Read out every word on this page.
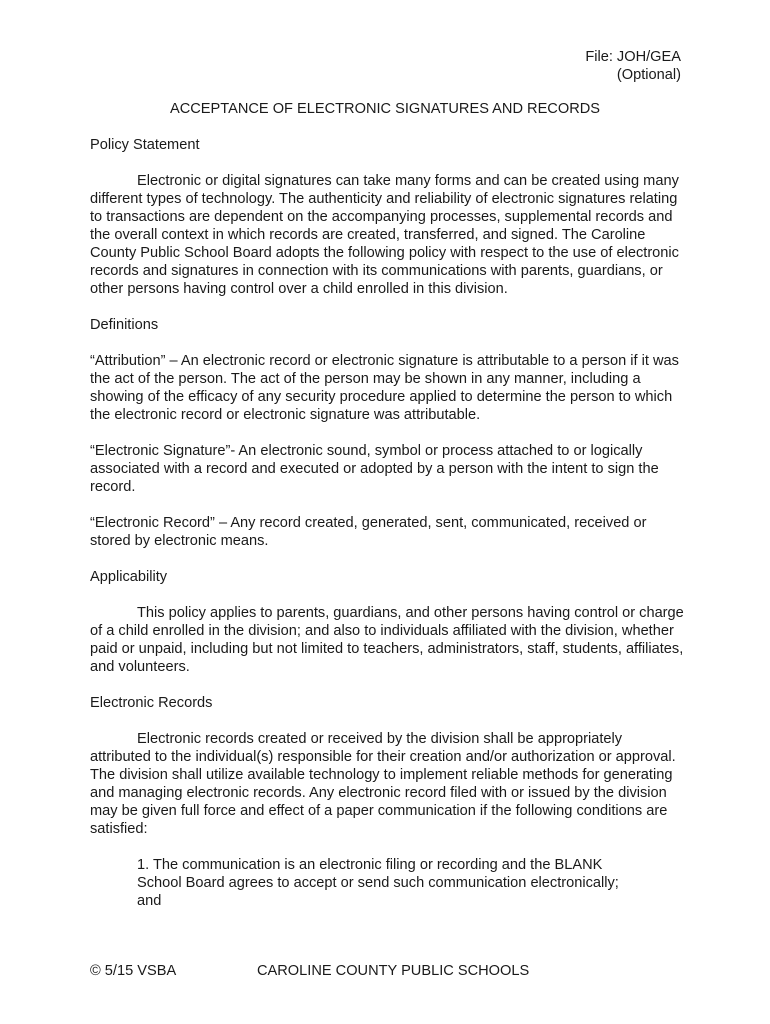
File: JOH/GEA
(Optional)
ACCEPTANCE OF ELECTRONIC SIGNATURES AND RECORDS
Policy Statement
Electronic or digital signatures can take many forms and can be created using many different types of technology. The authenticity and reliability of electronic signatures relating to transactions are dependent on the accompanying processes, supplemental records and the overall context in which records are created, transferred, and signed. The Caroline County Public School Board adopts the following policy with respect to the use of electronic records and signatures in connection with its communications with parents, guardians, or other persons having control over a child enrolled in this division.
Definitions
“Attribution” – An electronic record or electronic signature is attributable to a person if it was the act of the person. The act of the person may be shown in any manner, including a showing of the efficacy of any security procedure applied to determine the person to which the electronic record or electronic signature was attributable.
“Electronic Signature”- An electronic sound, symbol or process attached to or logically associated with a record and executed or adopted by a person with the intent to sign the record.
“Electronic Record” – Any record created, generated, sent, communicated, received or stored by electronic means.
Applicability
This policy applies to parents, guardians, and other persons having control or charge of a child enrolled in the division; and also to individuals affiliated with the division, whether paid or unpaid, including but not limited to teachers, administrators, staff, students, affiliates, and volunteers.
Electronic Records
Electronic records created or received by the division shall be appropriately attributed to the individual(s) responsible for their creation and/or authorization or approval. The division shall utilize available technology to implement reliable methods for generating and managing electronic records. Any electronic record filed with or issued by the division may be given full force and effect of a paper communication if the following conditions are satisfied:
1. The communication is an electronic filing or recording and the BLANK School Board agrees to accept or send such communication electronically; and
© 5/15 VSBA	CAROLINE COUNTY PUBLIC SCHOOLS
